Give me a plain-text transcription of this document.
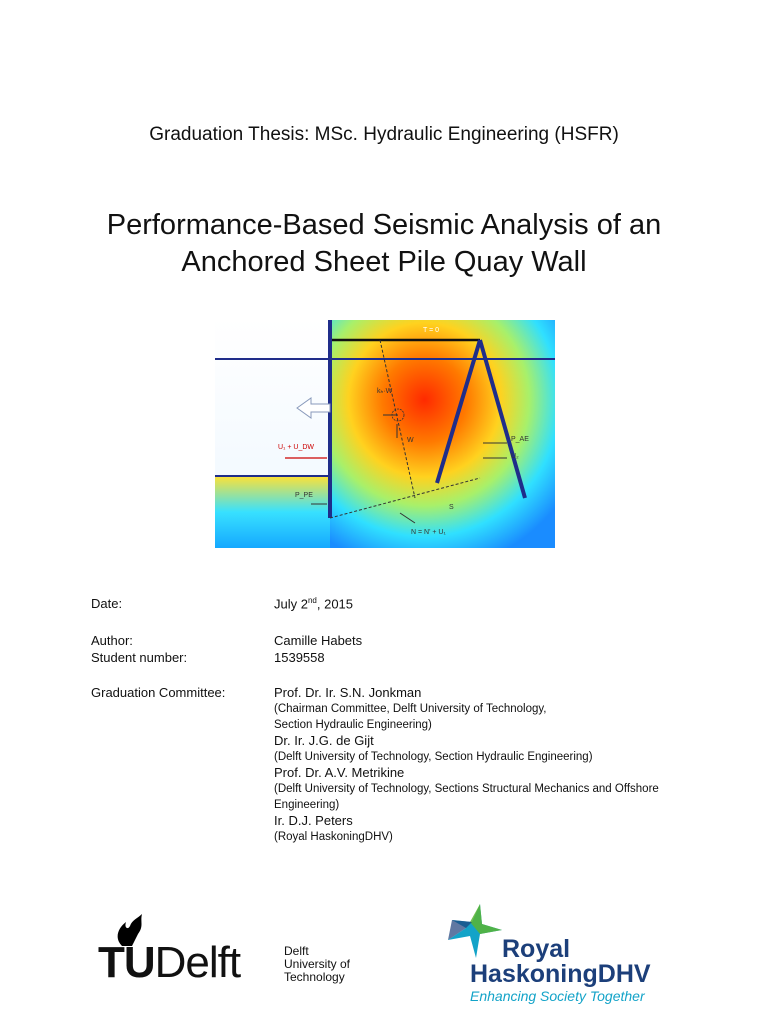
Graduation Thesis: MSc. Hydraulic Engineering (HSFR)
Performance-Based Seismic Analysis of an
Anchored Sheet Pile Quay Wall
T = 0
U₁ + U_DW
kₕ·W
W	P_AE
U₂
P_PE
S
N = N' + U₁
Date:	July 2nd, 2015
Author:	Camille Habets
Student number:	1539558
Graduation Committee:	Prof. Dr. Ir. S.N. Jonkman
(Chairman Committee, Delft University of Technology, Section Hydraulic Engineering)
Dr. Ir. J.G. de Gijt
(Delft University of Technology, Section Hydraulic Engineering)
Prof. Dr. A.V. Metrikine
(Delft University of Technology, Sections Structural Mechanics and Offshore Engineering)
Ir. D.J. Peters
(Royal HaskoningDHV)
TUDelft	Delft
University of
Technology
Royal
HaskoningDHV
Enhancing Society Together
